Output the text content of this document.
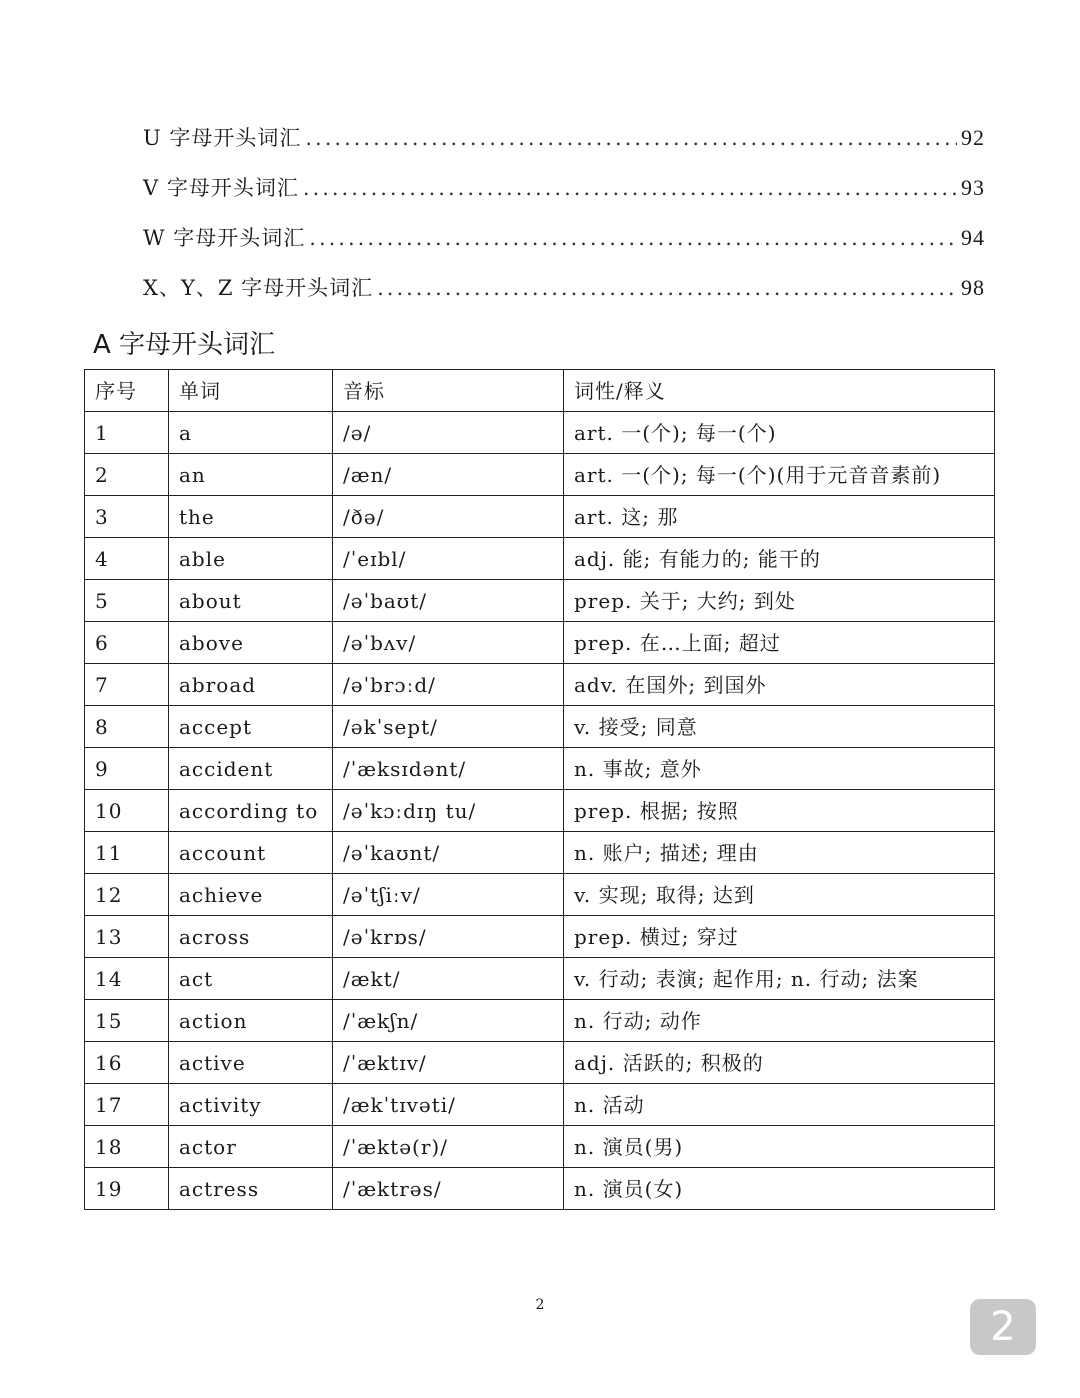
U 字母开头词汇 .....	92
V 字母开头词汇 .....	93
W 字母开头词汇 .....	94
X、Y、Z 字母开头词汇 .....	98
A 字母开头词汇
序号	单词	音标	词性/释义
1	a	/ə/	art. 一(个); 每一(个)
2	an	/æn/	art. 一(个); 每一(个)(用于元音音素前)
3	the	/ðə/	art. 这; 那
4	able	/ˈeɪbl/	adj. 能; 有能力的; 能干的
5	about	/əˈbaʊt/	prep. 关于; 大约; 到处
6	above	/əˈbʌv/	prep. 在…上面; 超过
7	abroad	/əˈbrɔːd/	adv. 在国外; 到国外
8	accept	/əkˈsept/	v. 接受; 同意
9	accident	/ˈæksɪdənt/	n. 事故; 意外
10	according to	/əˈkɔːdɪŋ tu/	prep. 根据; 按照
11	account	/əˈkaʊnt/	n. 账户; 描述; 理由
12	achieve	/əˈtʃiːv/	v. 实现; 取得; 达到
13	across	/əˈkrɒs/	prep. 横过; 穿过
14	act	/ækt/	v. 行动; 表演; 起作用; n. 行动; 法案
15	action	/ˈækʃn/	n. 行动; 动作
16	active	/ˈæktɪv/	adj. 活跃的; 积极的
17	activity	/ækˈtɪvəti/	n. 活动
18	actor	/ˈæktə(r)/	n. 演员(男)
19	actress	/ˈæktrəs/	n. 演员(女)
2	2
